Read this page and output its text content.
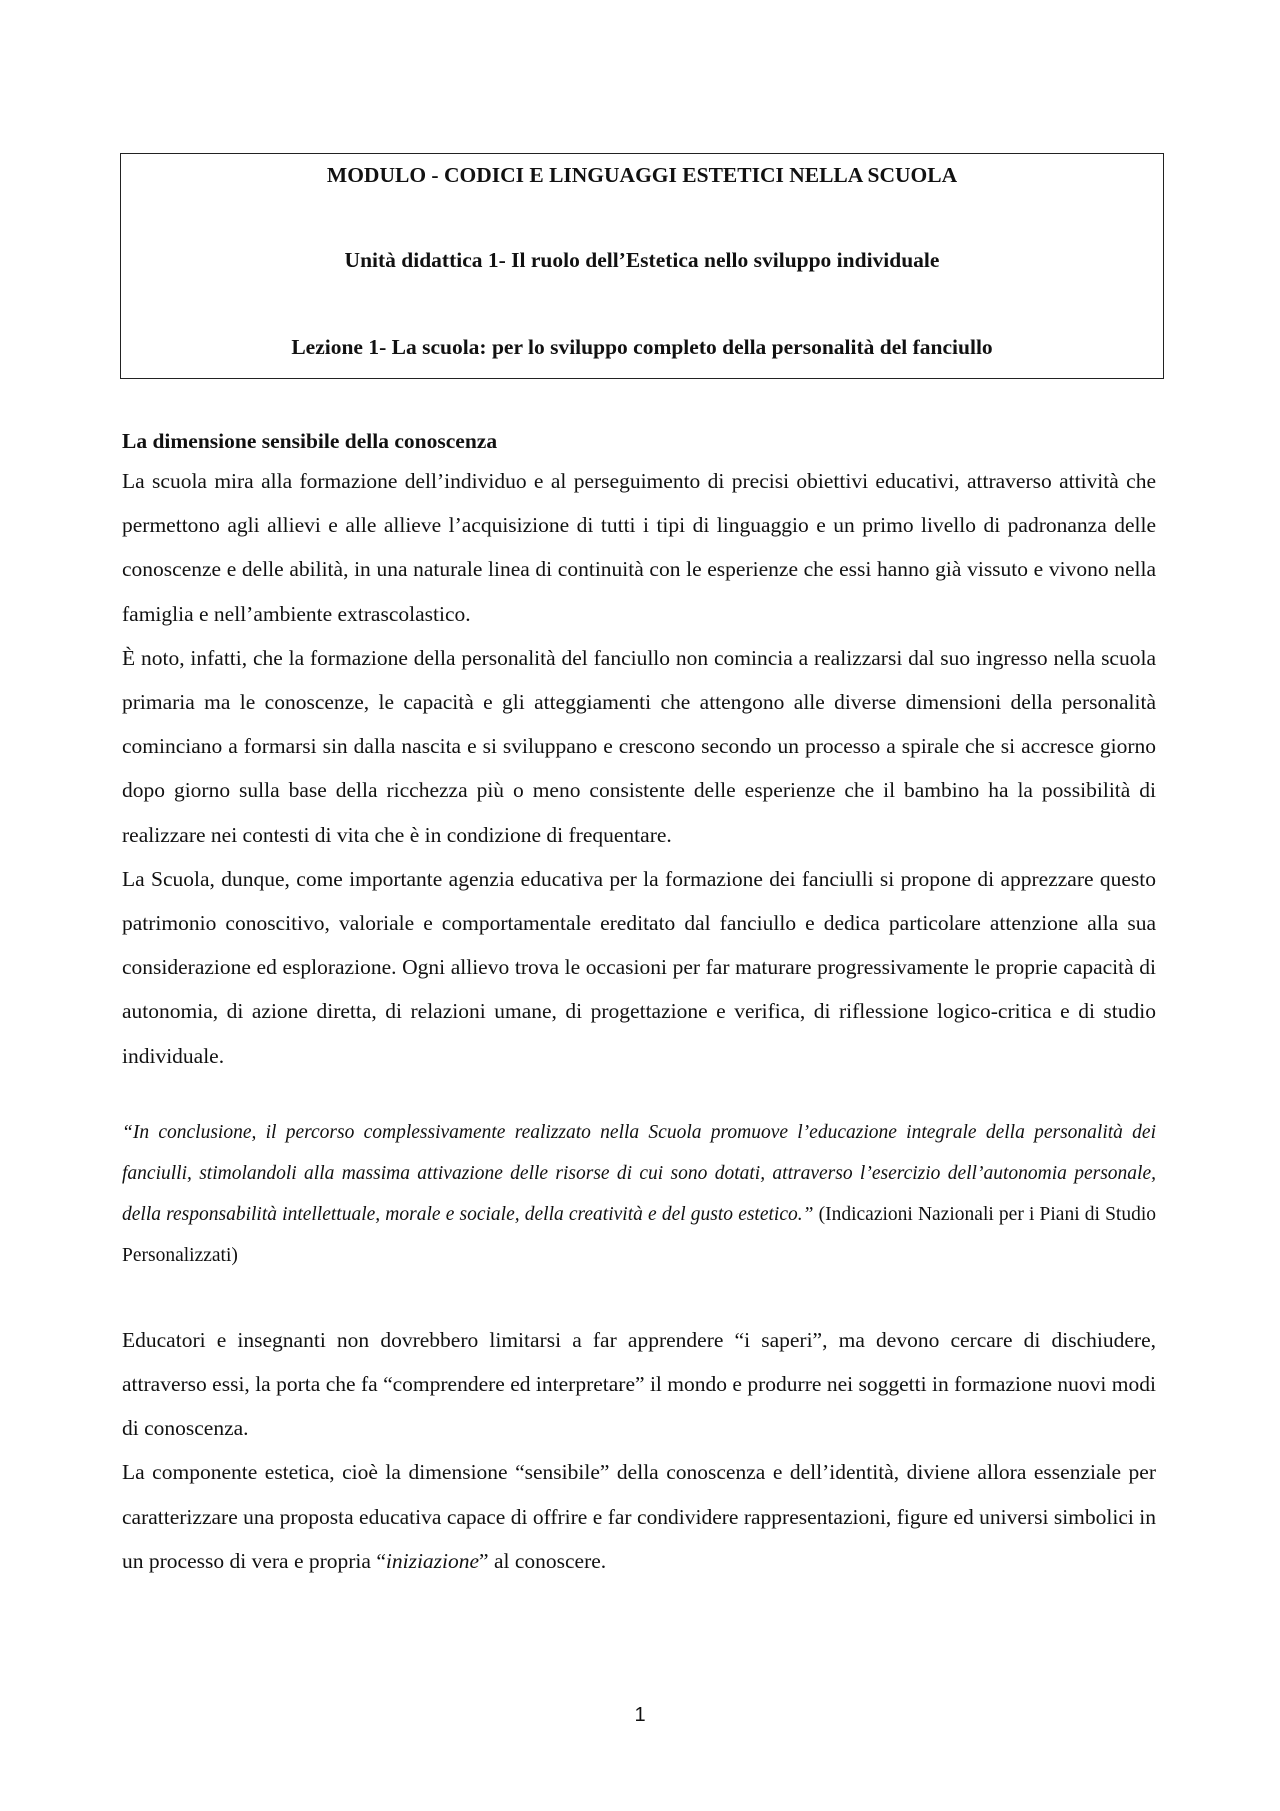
MODULO - CODICI E LINGUAGGI ESTETICI NELLA SCUOLA
Unità didattica 1- Il ruolo dell’Estetica nello sviluppo individuale
Lezione 1- La scuola: per lo sviluppo completo della personalità del fanciullo
La dimensione sensibile della conoscenza

La scuola mira alla formazione dell’individuo e al perseguimento di precisi obiettivi educativi, attraverso attività che permettono agli allievi e alle allieve l’acquisizione di tutti i tipi di linguaggio e un primo livello di padronanza delle conoscenze e delle abilità, in una naturale linea di continuità con le esperienze che essi hanno già vissuto e vivono nella famiglia e nell’ambiente extrascolastico.

È noto, infatti, che la formazione della personalità del fanciullo non comincia a realizzarsi dal suo ingresso nella scuola primaria ma le conoscenze, le capacità e gli atteggiamenti che attengono alle diverse dimensioni della personalità cominciano a formarsi sin dalla nascita e si sviluppano e crescono secondo un processo a spirale che si accresce giorno dopo giorno sulla base della ricchezza più o meno consistente delle esperienze che il bambino ha la possibilità di realizzare nei contesti di vita che è in condizione di frequentare.

La Scuola, dunque, come importante agenzia educativa per la formazione dei fanciulli si propone di apprezzare questo patrimonio conoscitivo, valoriale e comportamentale ereditato dal fanciullo e dedica particolare attenzione alla sua considerazione ed esplorazione. Ogni allievo trova le occasioni per far maturare progressivamente le proprie capacità di autonomia, di azione diretta, di relazioni umane, di progettazione e verifica, di riflessione logico-critica e di studio individuale.

“In conclusione, il percorso complessivamente realizzato nella Scuola promuove l’educazione integrale della personalità dei fanciulli, stimolandoli alla massima attivazione delle risorse di cui sono dotati, attraverso l’esercizio dell’autonomia personale, della responsabilità intellettuale, morale e sociale, della creatività e del gusto estetico.” (Indicazioni Nazionali per i Piani di Studio Personalizzati)

Educatori e insegnanti non dovrebbero limitarsi a far apprendere “i saperi”, ma devono cercare di dischiudere, attraverso essi, la porta che fa “comprendere ed interpretare” il mondo e produrre nei soggetti in formazione nuovi modi di conoscenza.

La componente estetica, cioè la dimensione “sensibile” della conoscenza e dell’identità, diviene allora essenziale per caratterizzare una proposta educativa capace di offrire e far condividere rappresentazioni, figure ed universi simbolici in un processo di vera e propria “iniziazione” al conoscere.

1
